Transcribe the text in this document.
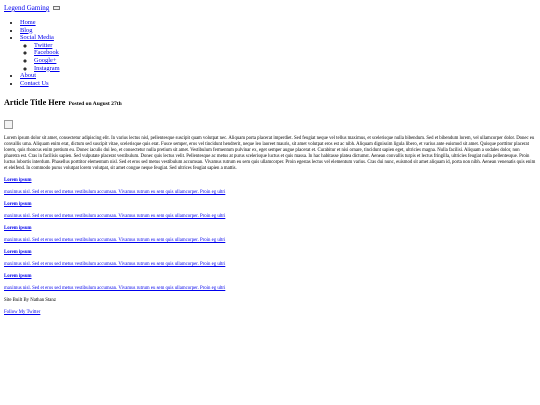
Legend Gaming
• Home
• Blog
• Social Media
◦ Twitter
◦ Facebook
◦ Google+
◦ Instagram
• About
• Contact Us
Article Title Here Posted on August 27th
Lorem ipsum dolor sit amet, consectetur adipiscing elit. In varius lectus nisl, pellentesque suscipit quam volutpat nec. Aliquam porta placerat imperdiet. Sed feugiat neque vel tellus maximus, et scelerisque nulla bibendum. Sed et bibendum lorem, vel ullamcorper dolor. Donec eu convallis urna. Aliquam enim erat, dictum sed suscipit vitae, scelerisque quis erat. Fusce semper, eros vel tincidunt hendrerit, neque leo laoreet mauris, sit amet volutpat eros est ac nibh. Aliquam dignissim ligula libero, et varius ante euismod sit amet. Quisque porttitor placerat lorem, quis rhoncus enim pretium eu. Donec iaculis dui leo, et consectetur nulla pretium sit amet. Vestibulum fermentum pulvinar ex, eget semper augue placerat et. Curabitur et nisi ornare, tincidunt sapien eget, ultricies magna. Nulla facilisi. Aliquam a sodales dolor, non pharetra est. Cras in facilisis sapien. Sed vulputate placerat vestibulum. Donec quis lectus velit. Pellentesque ac metus at purus scelerisque luctus et quis massa. In hac habitasse platea dictumst. Aenean convallis turpis et lectus fringilla, ultricies feugiat nulla pellentesque. Proin luctus lobortis interdum. Phasellus porttitor elementum nisl. Sed et eros sed metus vestibulum accumsan. Vivamus rutrum eu sem quis ullamcorper. Proin egestas lectus vel elementum varius. Cras dui nunc, euismod sit amet aliquam id, porta non nibh. Aenean venenatis quis enim et eleifend. In commodo purus volutpat lorem volutpat, sit amet congue neque feugiat. Sed ultrices feugiat sapien a mattis.
Lorem ipsum
maximus nisl. Sed et eros sed metus vestibulum accumsan. Vivamus rutrum eu sem quis ullamcorper. Proin eg ultri
Lorem ipsum
maximus nisl. Sed et eros sed metus vestibulum accumsan. Vivamus rutrum eu sem quis ullamcorper. Proin eg ultri
Lorem ipsum
maximus nisl. Sed et eros sed metus vestibulum accumsan. Vivamus rutrum eu sem quis ullamcorper. Proin eg ultri
Lorem ipsum
maximus nisl. Sed et eros sed metus vestibulum accumsan. Vivamus rutrum eu sem quis ullamcorper. Proin eg ultri
Lorem ipsum
maximus nisl. Sed et eros sed metus vestibulum accumsan. Vivamus rutrum eu sem quis ullamcorper. Proin eg ultri
Site Built By Nathan Stanz
Follow My Twitter
